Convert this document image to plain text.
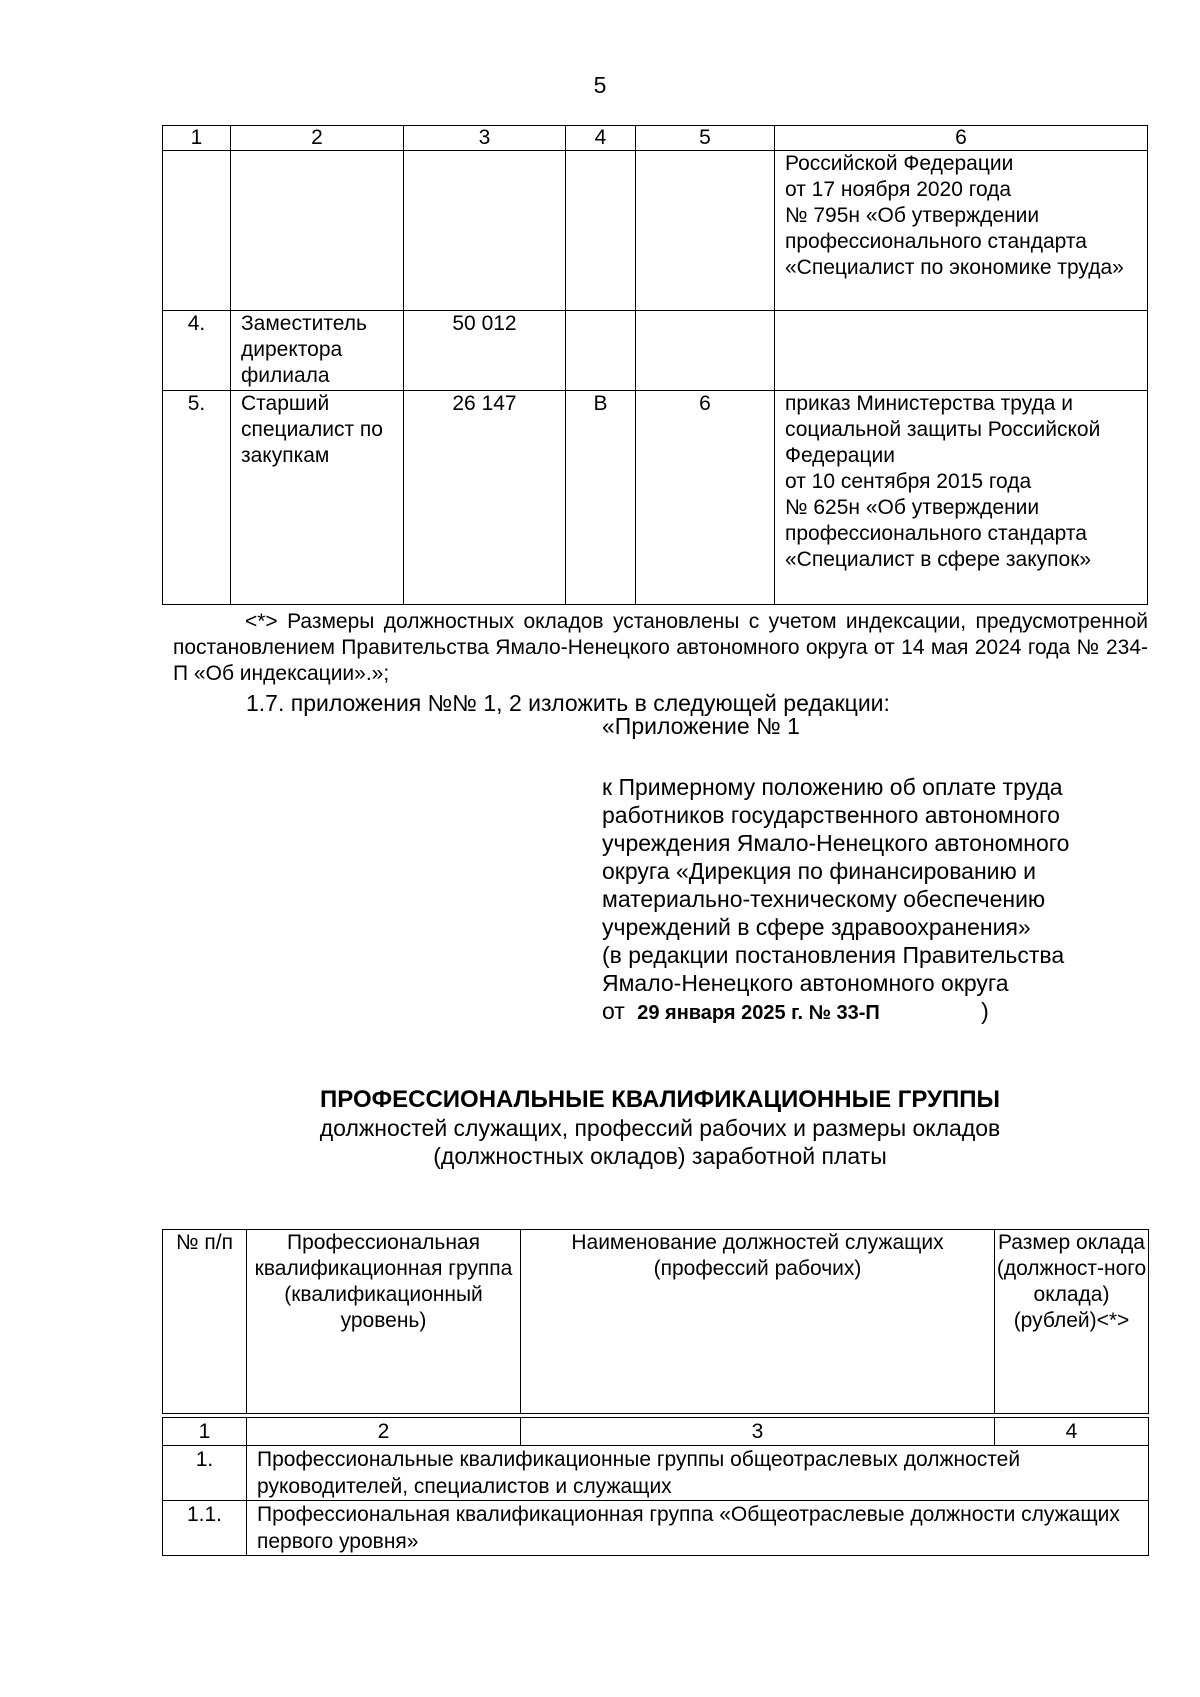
5
1	2	3	4	5	6
					Российской Федерации
от 17 ноября 2020 года
№ 795н «Об утверждении профессионального стандарта «Специалист по экономике труда»
4.	Заместитель директора филиала	50 012			
5.	Старший специалист по закупкам	26 147	В	6	приказ Министерства труда и социальной защиты Российской Федерации
от 10 сентября 2015 года
№ 625н «Об утверждении профессионального стандарта «Специалист в сфере закупок»
<*> Размеры должностных окладов установлены с учетом индексации, предусмотренной постановлением Правительства Ямало-Ненецкого автономного округа от 14 мая 2024 года № 234-П «Об индексации».»;
1.7. приложения №№ 1, 2 изложить в следующей редакции:
«Приложение № 1
к Примерному положению об оплате труда
работников государственного автономного
учреждения Ямало-Ненецкого автономного
округа «Дирекция по финансированию и
материально-техническому обеспечению
учреждений в сфере здравоохранения»
(в редакции постановления Правительства
Ямало-Ненецкого автономного округа
от 29 января 2025 г. № 33-П	)
ПРОФЕССИОНАЛЬНЫЕ КВАЛИФИКАЦИОННЫЕ ГРУППЫ
должностей служащих, профессий рабочих и размеры окладов
(должностных окладов) заработной платы
№ п/п	Профессиональная квалификационная группа (квалификационный уровень)	Наименование должностей служащих (профессий рабочих)	Размер оклада (должност-ного оклада) (рублей)<*>
1	2	3	4
1.	Профессиональные квалификационные группы общеотраслевых должностей руководителей, специалистов и служащих		
1.1.	Профессиональная квалификационная группа «Общеотраслевые должности служащих первого уровня»		
